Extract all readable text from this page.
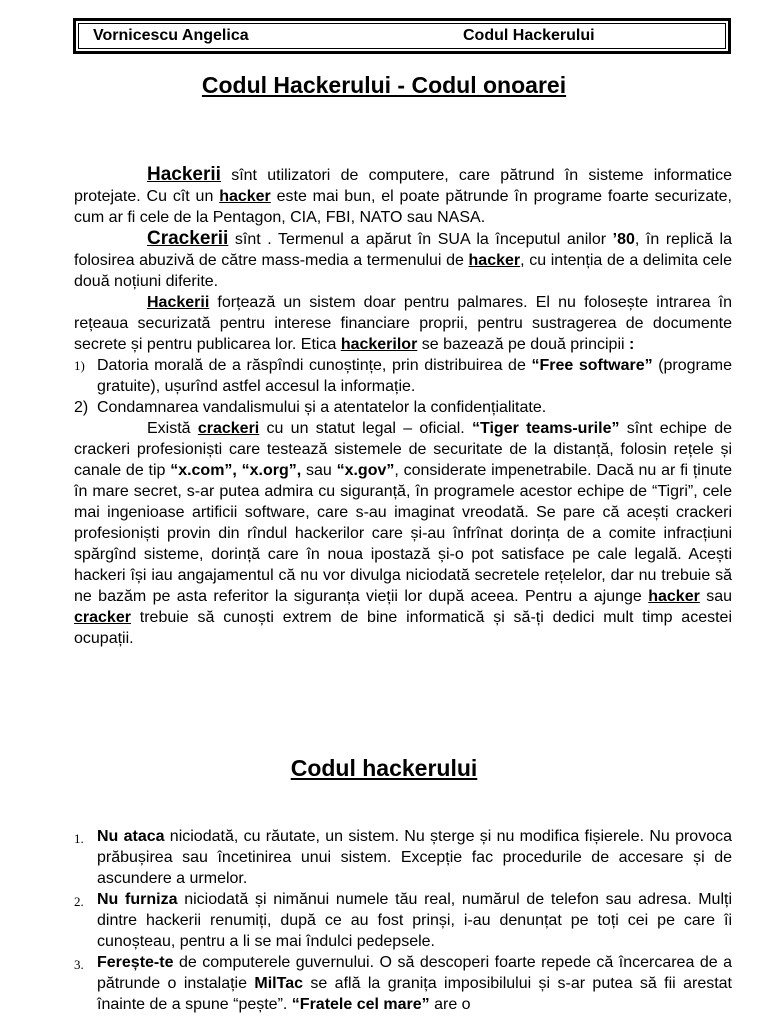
Vornicescu Angelica	Codul Hackerului
Codul Hackerului - Codul onoarei

Hackerii sînt utilizatori de computere, care pătrund în sisteme informatice protejate. Cu cît un hacker este mai bun, el poate pătrunde în programe foarte securizate, cum ar fi cele de la Pentagon, CIA, FBI, NATO sau NASA.

Crackerii sînt . Termenul a apărut în SUA la începutul anilor ’80, în replică la folosirea abuzivă de către mass-media a termenului de hacker, cu intenția de a delimita cele două noțiuni diferite.

Hackerii forțează un sistem doar pentru palmares. El nu folosește intrarea în rețeaua securizată pentru interese financiare proprii, pentru sustragerea de documente secrete și pentru publicarea lor. Etica hackerilor se bazează pe două principii :

1) Datoria morală de a răspîndi cunoștințe, prin distribuirea de “Free software” (programe gratuite), ușurînd astfel accesul la informație.
2) Condamnarea vandalismului și a atentatelor la confidențialitate.

Există crackeri cu un statut legal – oficial. “Tiger teams-urile” sînt echipe de crackeri profesioniști care testează sistemele de securitate de la distanță, folosin rețele și canale de tip “x.com”, “x.org”, sau “x.gov”, considerate impenetrabile. Dacă nu ar fi ținute în mare secret, s-ar putea admira cu siguranță, în programele acestor echipe de “Tigri”, cele mai ingenioase artificii software, care s-au imaginat vreodată. Se pare că acești crackeri profesioniști provin din rîndul hackerilor care și-au înfrînat dorința de a comite infracțiuni spărgînd sisteme, dorință care în noua ipostază și-o pot satisface pe cale legală. Acești hackeri își iau angajamentul că nu vor divulga niciodată secretele rețelelor, dar nu trebuie să ne bazăm pe asta referitor la siguranța vieții lor după aceea. Pentru a ajunge hacker sau cracker trebuie să cunoști extrem de bine informatică și să-ți dedici mult timp acestei ocupații.

Codul hackerului
1. Nu ataca niciodată, cu răutate, un sistem. Nu șterge și nu modifica fișierele. Nu provoca prăbușirea sau încetinirea unui sistem. Excepție fac procedurile de accesare și de ascundere a urmelor.
2. Nu furniza niciodată și nimănui numele tău real, numărul de telefon sau adresa. Mulți dintre hackerii renumiți, după ce au fost prinși, i-au denunțat pe toți cei pe care îi cunoșteau, pentru a li se mai îndulci pedepsele.
3. Ferește-te de computerele guvernului. O să descoperi foarte repede că încercarea de a pătrunde o instalație MilTac se află la granița imposibilului și s-ar putea să fii arestat înainte de a spune “pește”. “Fratele cel mare” are o
